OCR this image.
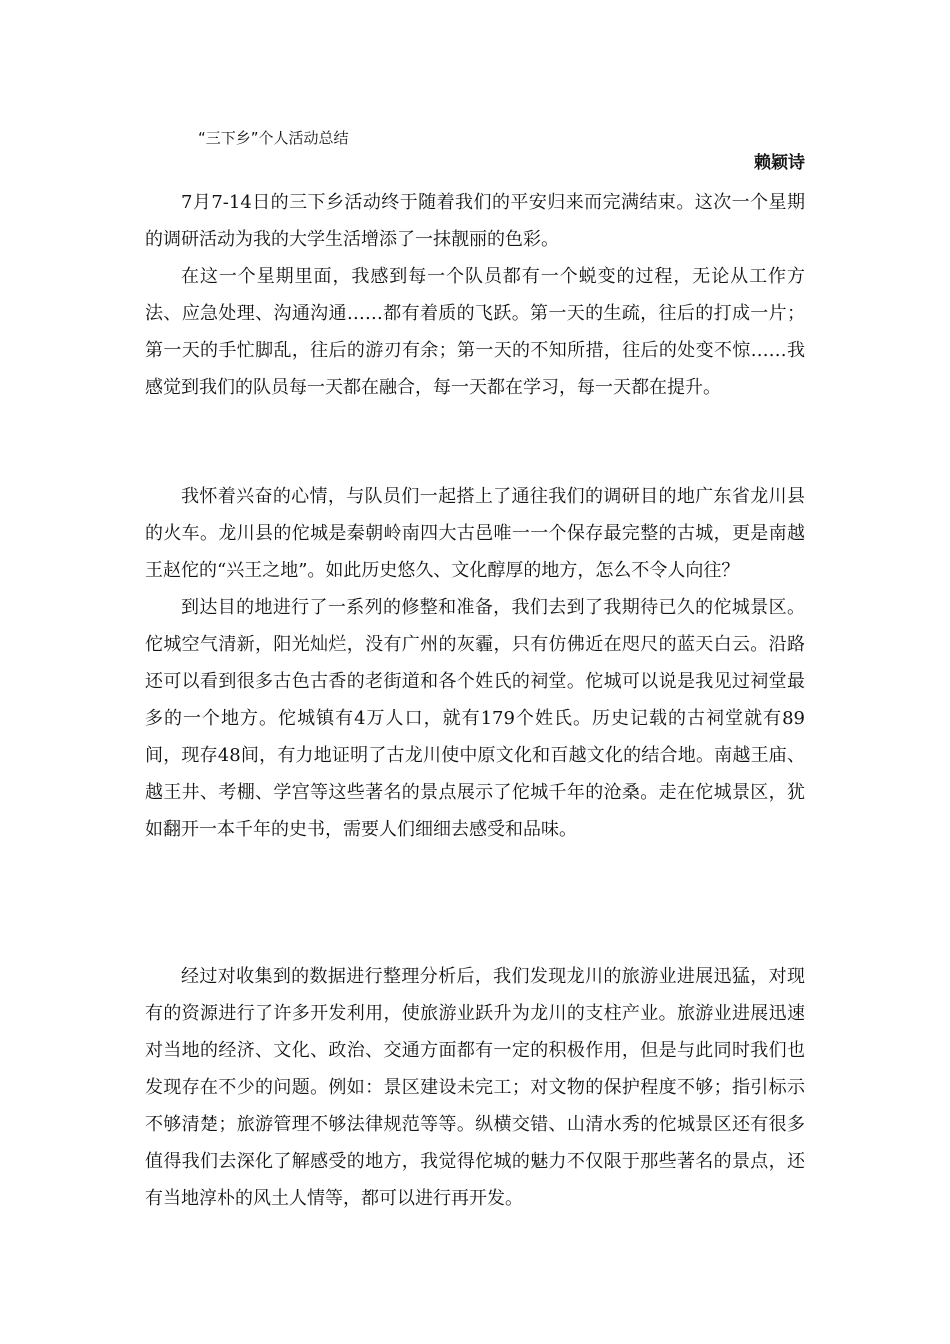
“三下乡”个人活动总结
赖颖诗

7月7-14日的三下乡活动终于随着我们的平安归来而完满结束。这次一个星期的调研活动为我的大学生活增添了一抹靓丽的色彩。

在这一个星期里面，我感到每一个队员都有一个蜕变的过程，无论从工作方法、应急处理、沟通沟通……都有着质的飞跃。第一天的生疏，往后的打成一片；第一天的手忙脚乱，往后的游刃有余；第一天的不知所措，往后的处变不惊……我感觉到我们的队员每一天都在融合，每一天都在学习，每一天都在提升。

我怀着兴奋的心情，与队员们一起搭上了通往我们的调研目的地广东省龙川县的火车。龙川县的佗城是秦朝岭南四大古邑唯一一个保存最完整的古城，更是南越王赵佗的“兴王之地”。如此历史悠久、文化醇厚的地方，怎么不令人向往？

到达目的地进行了一系列的修整和准备，我们去到了我期待已久的佗城景区。佗城空气清新，阳光灿烂，没有广州的灰霾，只有仿佛近在咫尺的蓝天白云。沿路还可以看到很多古色古香的老街道和各个姓氏的祠堂。佗城可以说是我见过祠堂最多的一个地方。佗城镇有4万人口，就有179个姓氏。历史记载的古祠堂就有89间，现存48间，有力地证明了古龙川使中原文化和百越文化的结合地。南越王庙、越王井、考棚、学宫等这些著名的景点展示了佗城千年的沧桑。走在佗城景区，犹如翻开一本千年的史书，需要人们细细去感受和品味。

经过对收集到的数据进行整理分析后，我们发现龙川的旅游业进展迅猛，对现有的资源进行了许多开发利用，使旅游业跃升为龙川的支柱产业。旅游业进展迅速对当地的经济、文化、政治、交通方面都有一定的积极作用，但是与此同时我们也发现存在不少的问题。例如：景区建设未完工；对文物的保护程度不够；指引标示不够清楚；旅游管理不够法律规范等等。纵横交错、山清水秀的佗城景区还有很多值得我们去深化了解感受的地方，我觉得佗城的魅力不仅限于那些著名的景点，还有当地淳朴的风土人情等，都可以进行再开发。
